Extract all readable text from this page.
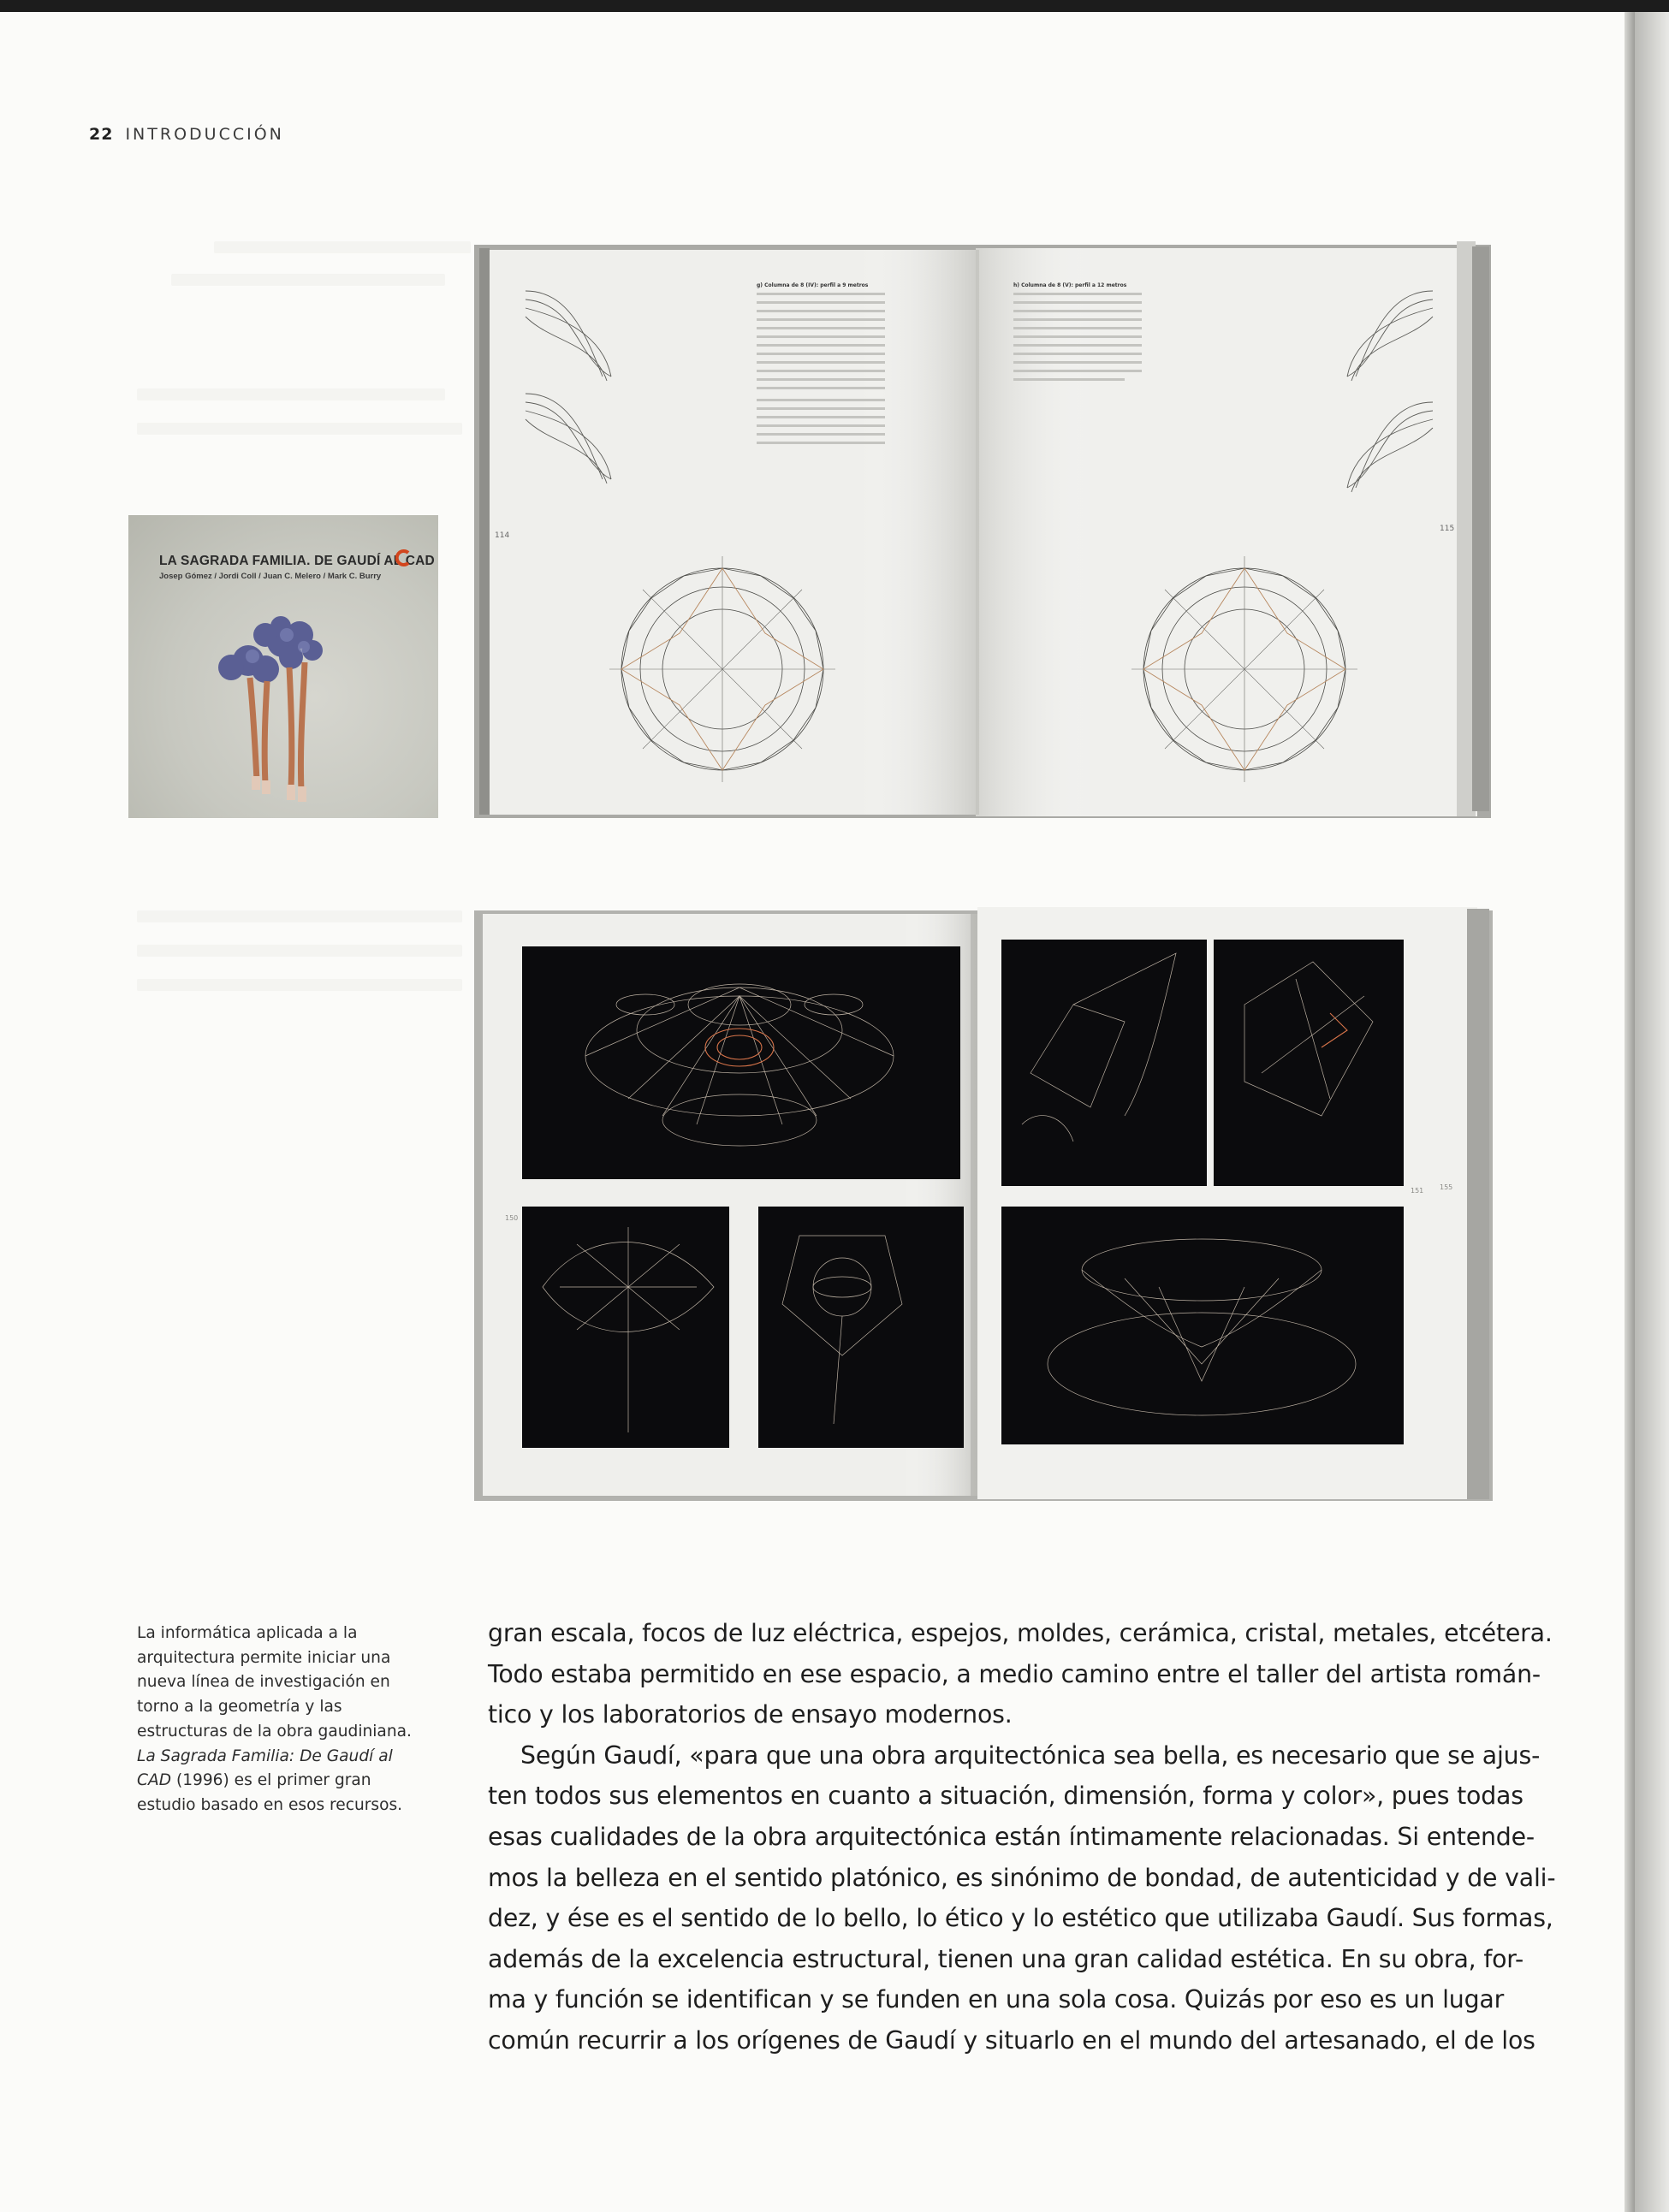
22 INTRODUCCIÓN
LA SAGRADA FAMILIA. DE GAUDÍ AL CAD
Josep Gómez / Jordi Coll / Juan C. Melero / Mark C. Burry
114
115
g) Columna de 8 (IV): perfil a 9 metros	h) Columna de 8 (V): perfil a 12 metros
150
151 155
La informática aplicada a la
arquitectura permite iniciar una
nueva línea de investigación en
torno a la geometría y las
estructuras de la obra gaudiniana.
La Sagrada Familia: De Gaudí al
CAD (1996) es el primer gran
estudio basado en esos recursos.
gran escala, focos de luz eléctrica, espejos, moldes, cerámica, cristal, metales, etcétera.
Todo estaba permitido en ese espacio, a medio camino entre el taller del artista román-
tico y los laboratorios de ensayo modernos.
Según Gaudí, «para que una obra arquitectónica sea bella, es necesario que se ajus-
ten todos sus elementos en cuanto a situación, dimensión, forma y color», pues todas
esas cualidades de la obra arquitectónica están íntimamente relacionadas. Si entende-
mos la belleza en el sentido platónico, es sinónimo de bondad, de autenticidad y de vali-
dez, y ése es el sentido de lo bello, lo ético y lo estético que utilizaba Gaudí. Sus formas,
además de la excelencia estructural, tienen una gran calidad estética. En su obra, for-
ma y función se identifican y se funden en una sola cosa. Quizás por eso es un lugar
común recurrir a los orígenes de Gaudí y situarlo en el mundo del artesanado, el de los
